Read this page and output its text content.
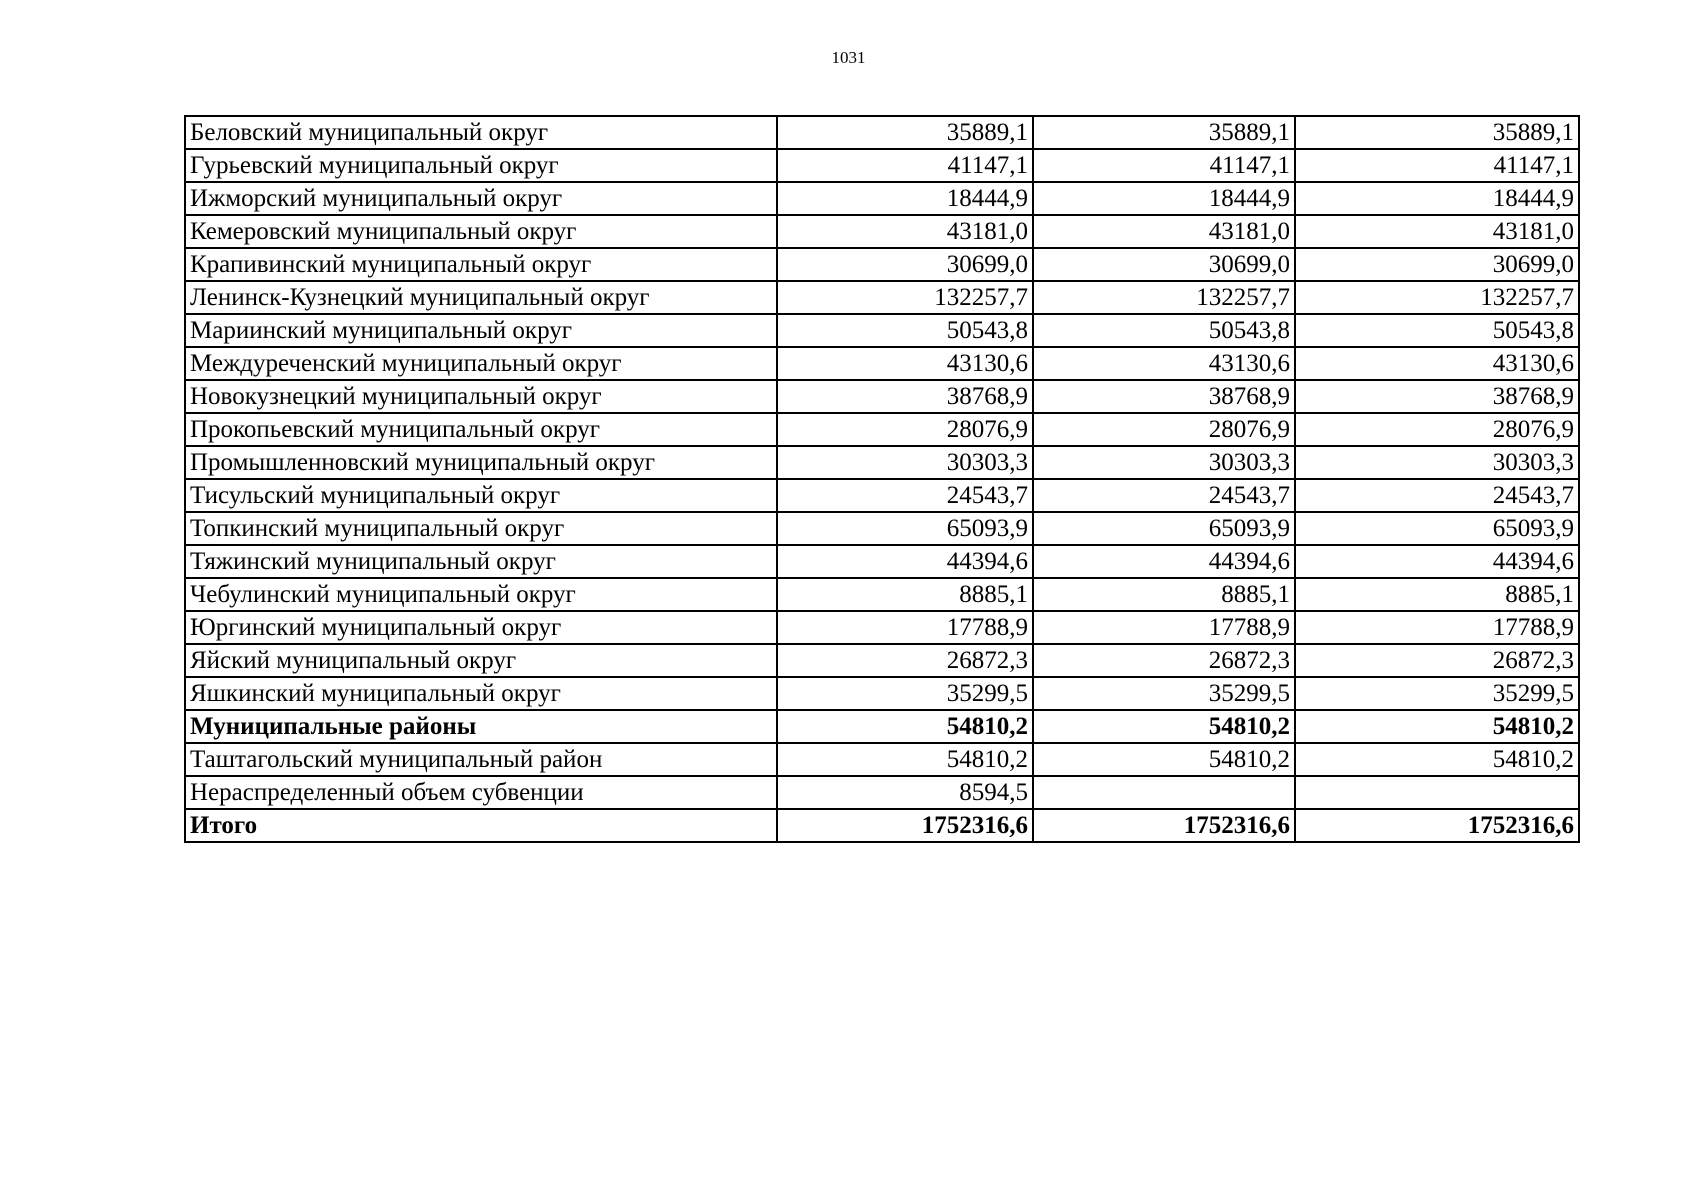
1031
Беловский муниципальный округ	35889,1	35889,1	35889,1
Гурьевский муниципальный округ	41147,1	41147,1	41147,1
Ижморский муниципальный округ	18444,9	18444,9	18444,9
Кемеровский муниципальный округ	43181,0	43181,0	43181,0
Крапивинский муниципальный округ	30699,0	30699,0	30699,0
Ленинск-Кузнецкий муниципальный округ	132257,7	132257,7	132257,7
Мариинский муниципальный округ	50543,8	50543,8	50543,8
Междуреченский муниципальный округ	43130,6	43130,6	43130,6
Новокузнецкий муниципальный округ	38768,9	38768,9	38768,9
Прокопьевский муниципальный округ	28076,9	28076,9	28076,9
Промышленновский муниципальный округ	30303,3	30303,3	30303,3
Тисульский муниципальный округ	24543,7	24543,7	24543,7
Топкинский муниципальный округ	65093,9	65093,9	65093,9
Тяжинский муниципальный округ	44394,6	44394,6	44394,6
Чебулинский муниципальный округ	8885,1	8885,1	8885,1
Юргинский муниципальный округ	17788,9	17788,9	17788,9
Яйский муниципальный округ	26872,3	26872,3	26872,3
Яшкинский муниципальный округ	35299,5	35299,5	35299,5
Муниципальные районы	54810,2	54810,2	54810,2
Таштагольский муниципальный район	54810,2	54810,2	54810,2
Нераспределенный объем субвенции	8594,5		
Итого	1752316,6	1752316,6	1752316,6
